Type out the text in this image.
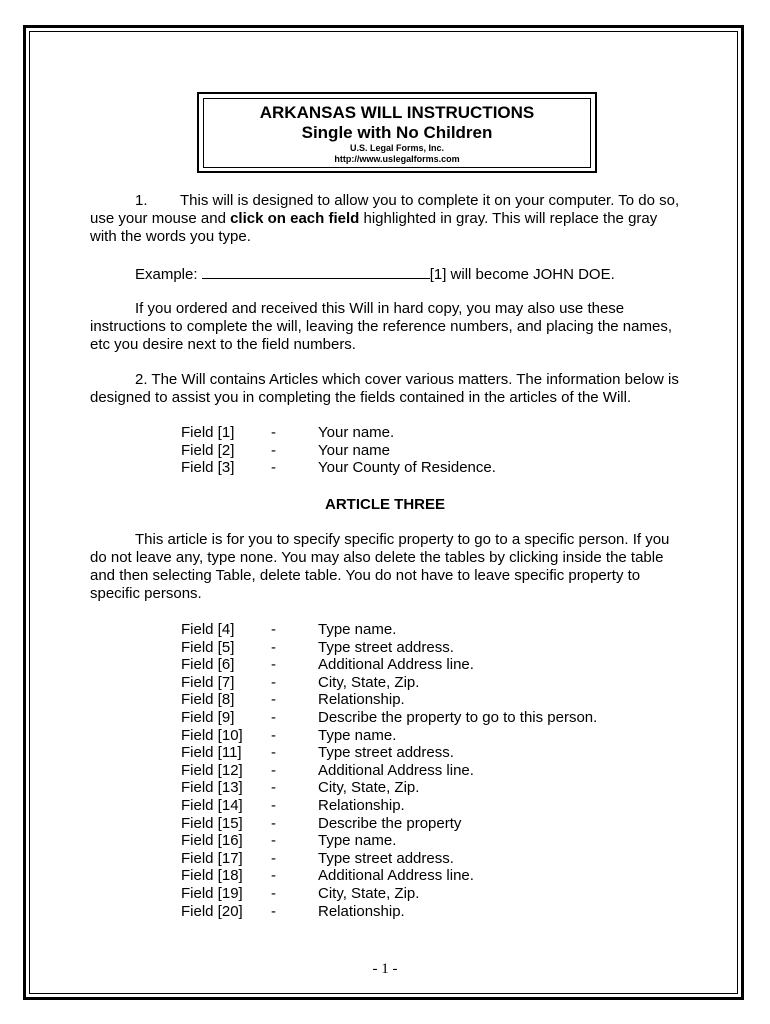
ARKANSAS WILL INSTRUCTIONS
Single with No Children
U.S. Legal Forms, Inc.
http://www.uslegalforms.com

1. This will is designed to allow you to complete it on your computer. To do so, use your mouse and click on each field highlighted in gray. This will replace the gray with the words you type.

Example:	[1] will become JOHN DOE.

If you ordered and received this Will in hard copy, you may also use these instructions to complete the will, leaving the reference numbers, and placing the names, etc you desire next to the field numbers.

2. The Will contains Articles which cover various matters. The information below is designed to assist you in completing the fields contained in the articles of the Will.

Field [1]	-	Your name.
Field [2]	-	Your name
Field [3]	-	Your County of Residence.
ARTICLE THREE

This article is for you to specify specific property to go to a specific person. If you do not leave any, type none. You may also delete the tables by clicking inside the table and then selecting Table, delete table. You do not have to leave specific property to specific persons.

Field [4]	-	Type name.
Field [5]	-	Type street address.
Field [6]	-	Additional Address line.
Field [7]	-	City, State, Zip.
Field [8]	-	Relationship.
Field [9]	-	Describe the property to go to this person.
Field [10]	-	Type name.
Field [11]	-	Type street address.
Field [12]	-	Additional Address line.
Field [13]	-	City, State, Zip.
Field [14]	-	Relationship.
Field [15]	-	Describe the property
Field [16]	-	Type name.
Field [17]	-	Type street address.
Field [18]	-	Additional Address line.
Field [19]	-	City, State, Zip.
Field [20]	-	Relationship.
- 1 -
